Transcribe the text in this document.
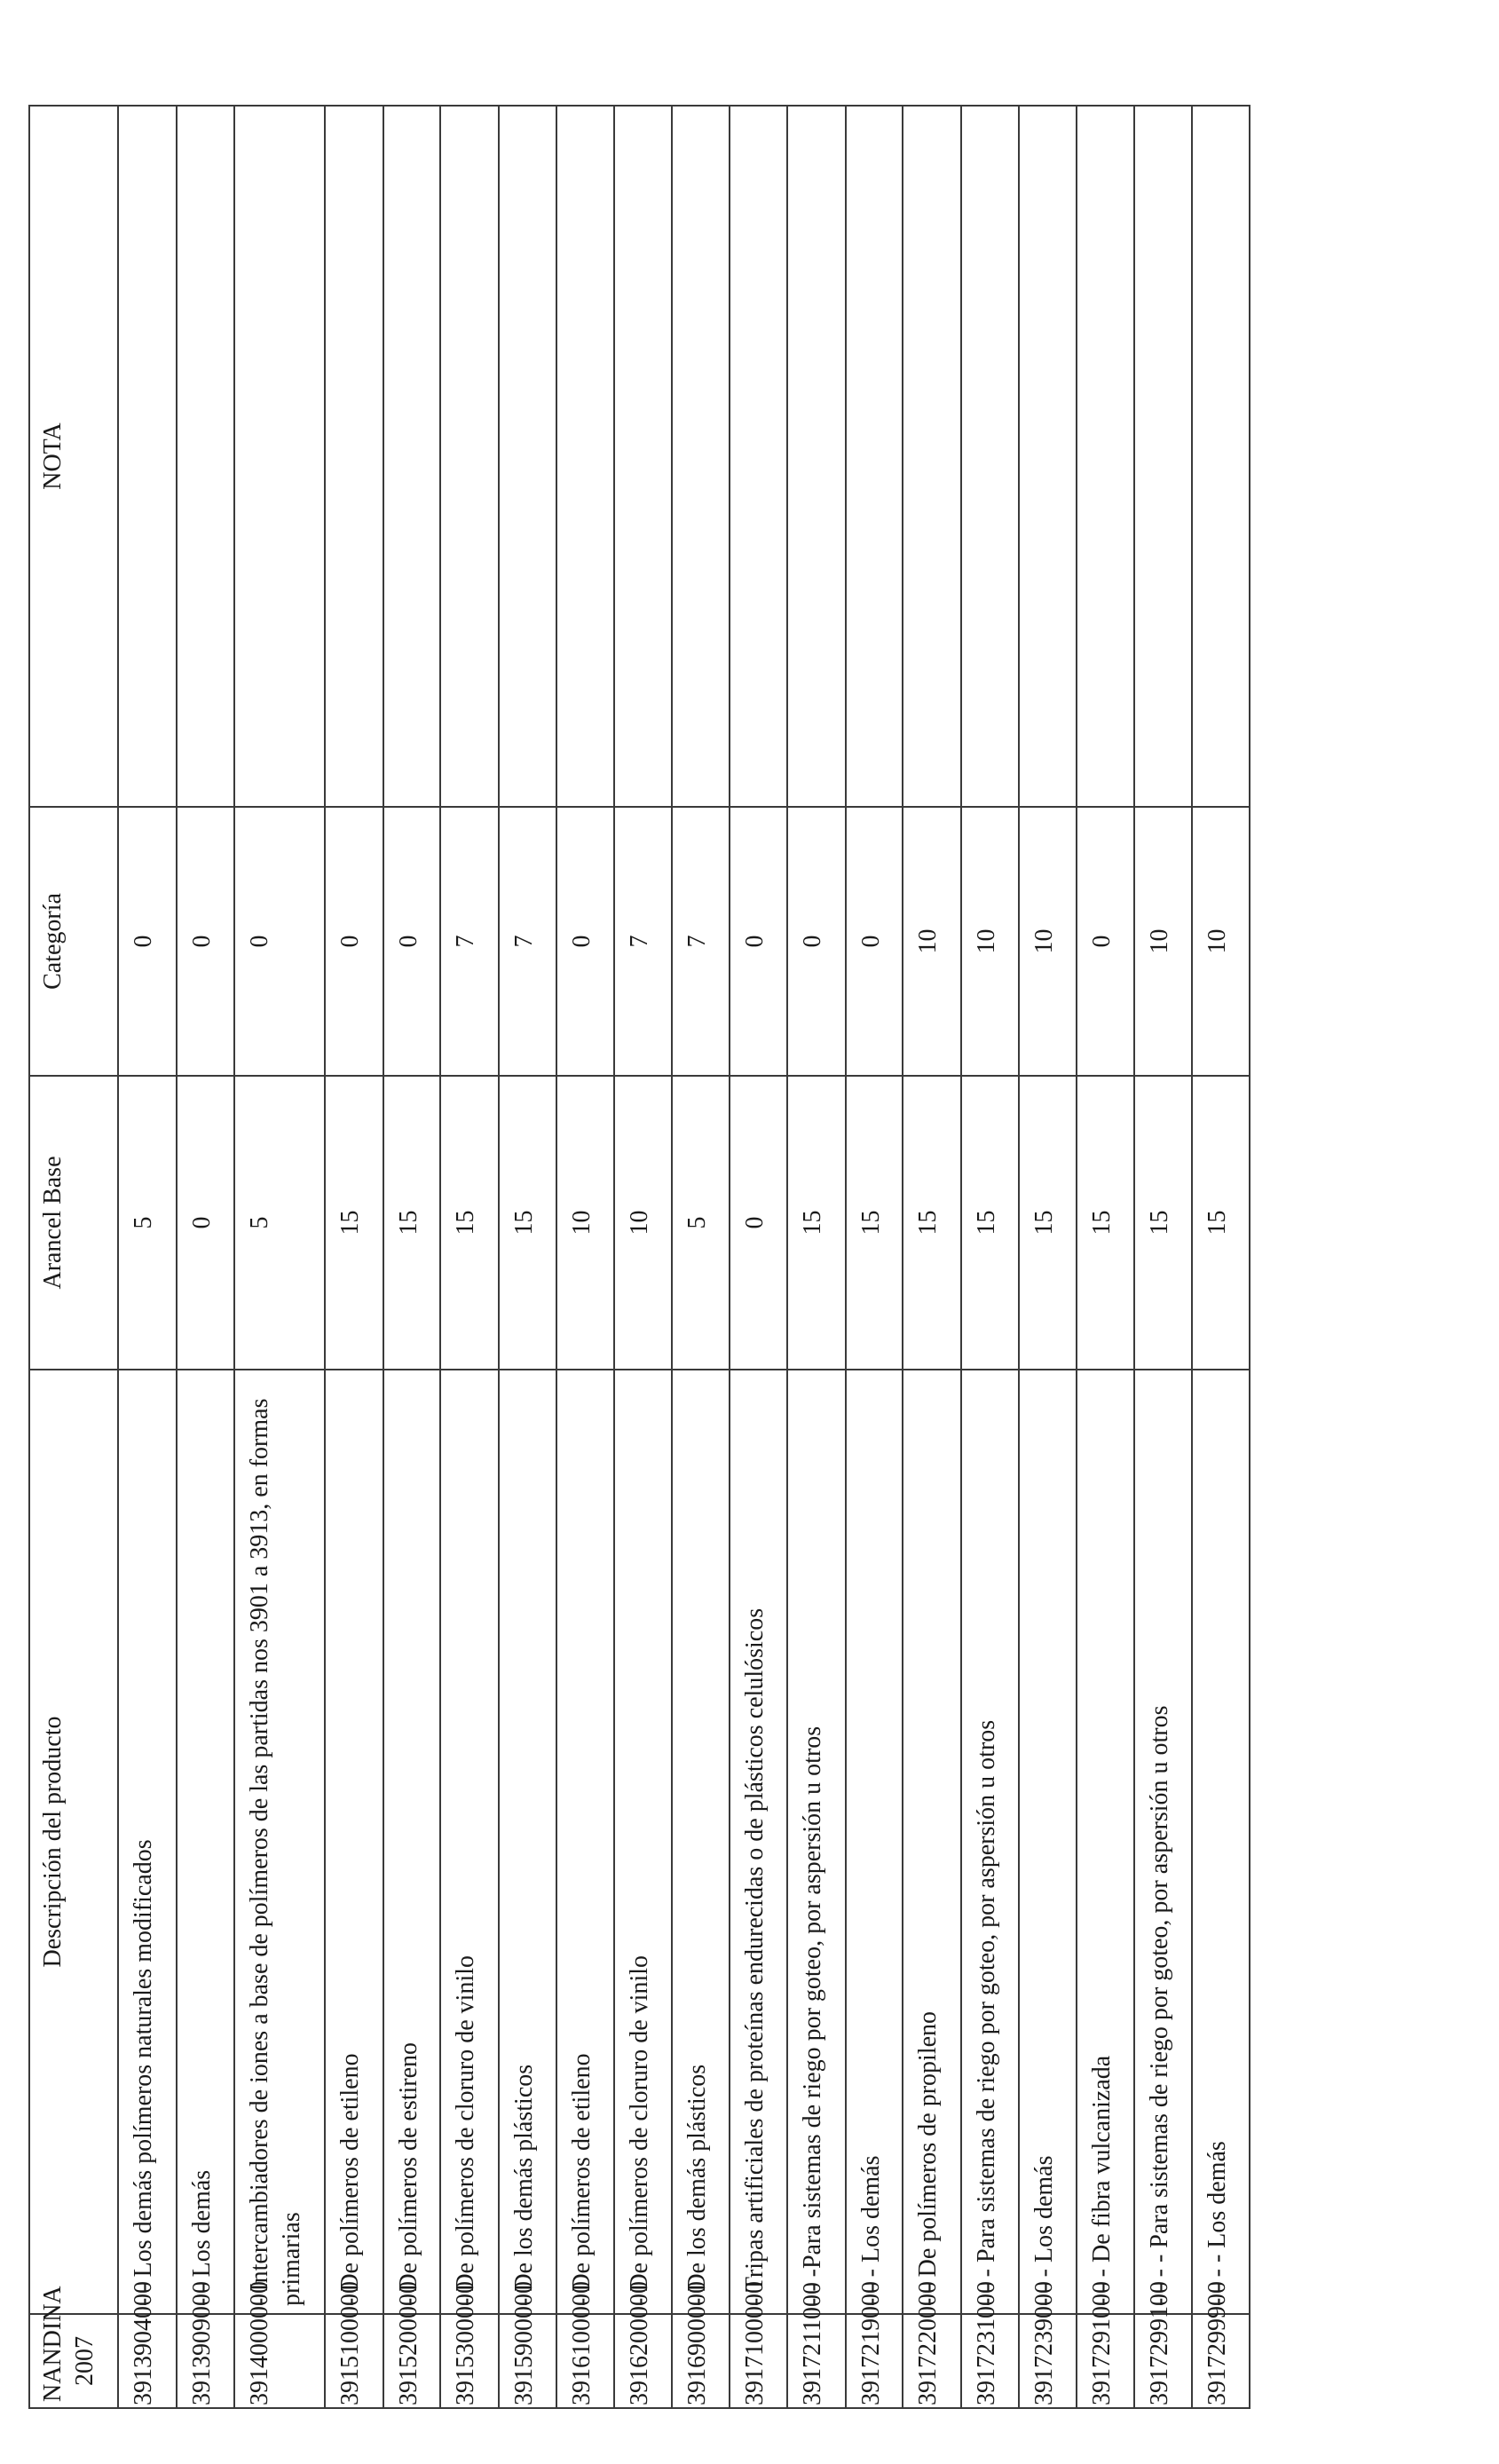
NANDINA 2007	Descripción del producto	Arancel Base	Categoría	NOTA
3913904000	- - Los demás polímeros naturales modificados	5	0	
3913909000	- - Los demás	0	0	
3914000000	- Intercambiadores de iones a base de polímeros de las partidas nos 3901 a 3913, en formas primarias	5	0	
3915100000	- De polímeros de etileno	15	0	
3915200000	- De polímeros de estireno	15	0	
3915300000	- De polímeros de cloruro de vinilo	15	7	
3915900000	- De los demás plásticos	15	7	
3916100000	- De polímeros de etileno	10	0	
3916200000	- De polímeros de cloruro de vinilo	10	7	
3916900000	- De los demás plásticos	5	7	
3917100000	- Tripas artificiales de proteínas endurecidas o de plásticos celulósicos	0	0	
3917211000	- - -Para sistemas de riego por goteo, por aspersión u otros	15	0	
3917219000	- - - Los demás	15	0	
3917220000	- - De polímeros de propileno	15	10	
3917231000	- - - Para sistemas de riego por goteo, por aspersión u otros	15	10	
3917239000	- - - Los demás	15	10	
3917291000	- - - De fibra vulcanizada	15	0	
3917299100	- - - - Para sistemas de riego por goteo, por aspersión u otros	15	10	
3917299900	- - - - Los demás	15	10	
